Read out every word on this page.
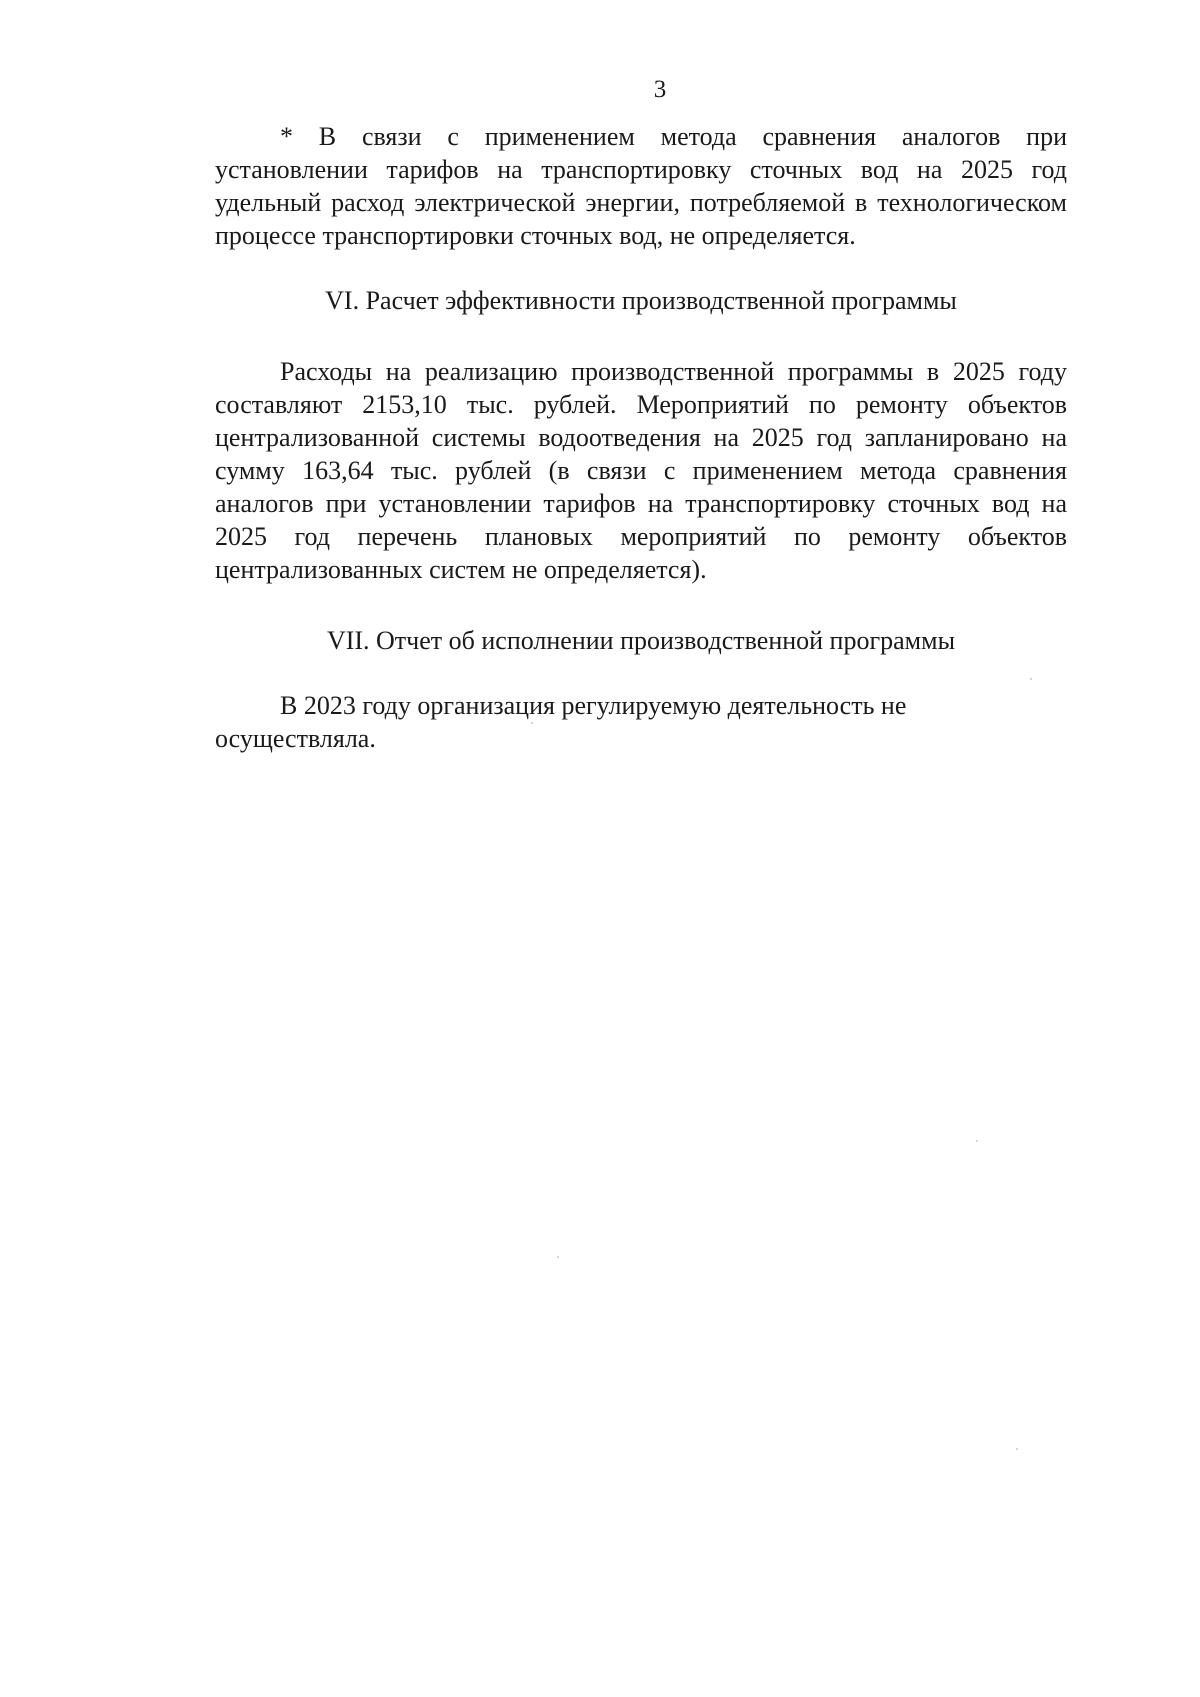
3

* В связи с применением метода сравнения аналогов при установлении тарифов на транспортировку сточных вод на 2025 год удельный расход электрической энергии, потребляемой в технологическом процессе транспортировки сточных вод, не определяется.

VI. Расчет эффективности производственной программы

Расходы на реализацию производственной программы в 2025 году составляют 2153,10 тыс. рублей. Мероприятий по ремонту объектов централизованной системы водоотведения на 2025 год запланировано на сумму 163,64 тыс. рублей (в связи с применением метода сравнения аналогов при установлении тарифов на транспортировку сточных вод на 2025 год перечень плановых мероприятий по ремонту объектов централизованных систем не определяется).

VII. Отчет об исполнении производственной программы

В 2023 году организация регулируемую деятельность не осуществляла.
